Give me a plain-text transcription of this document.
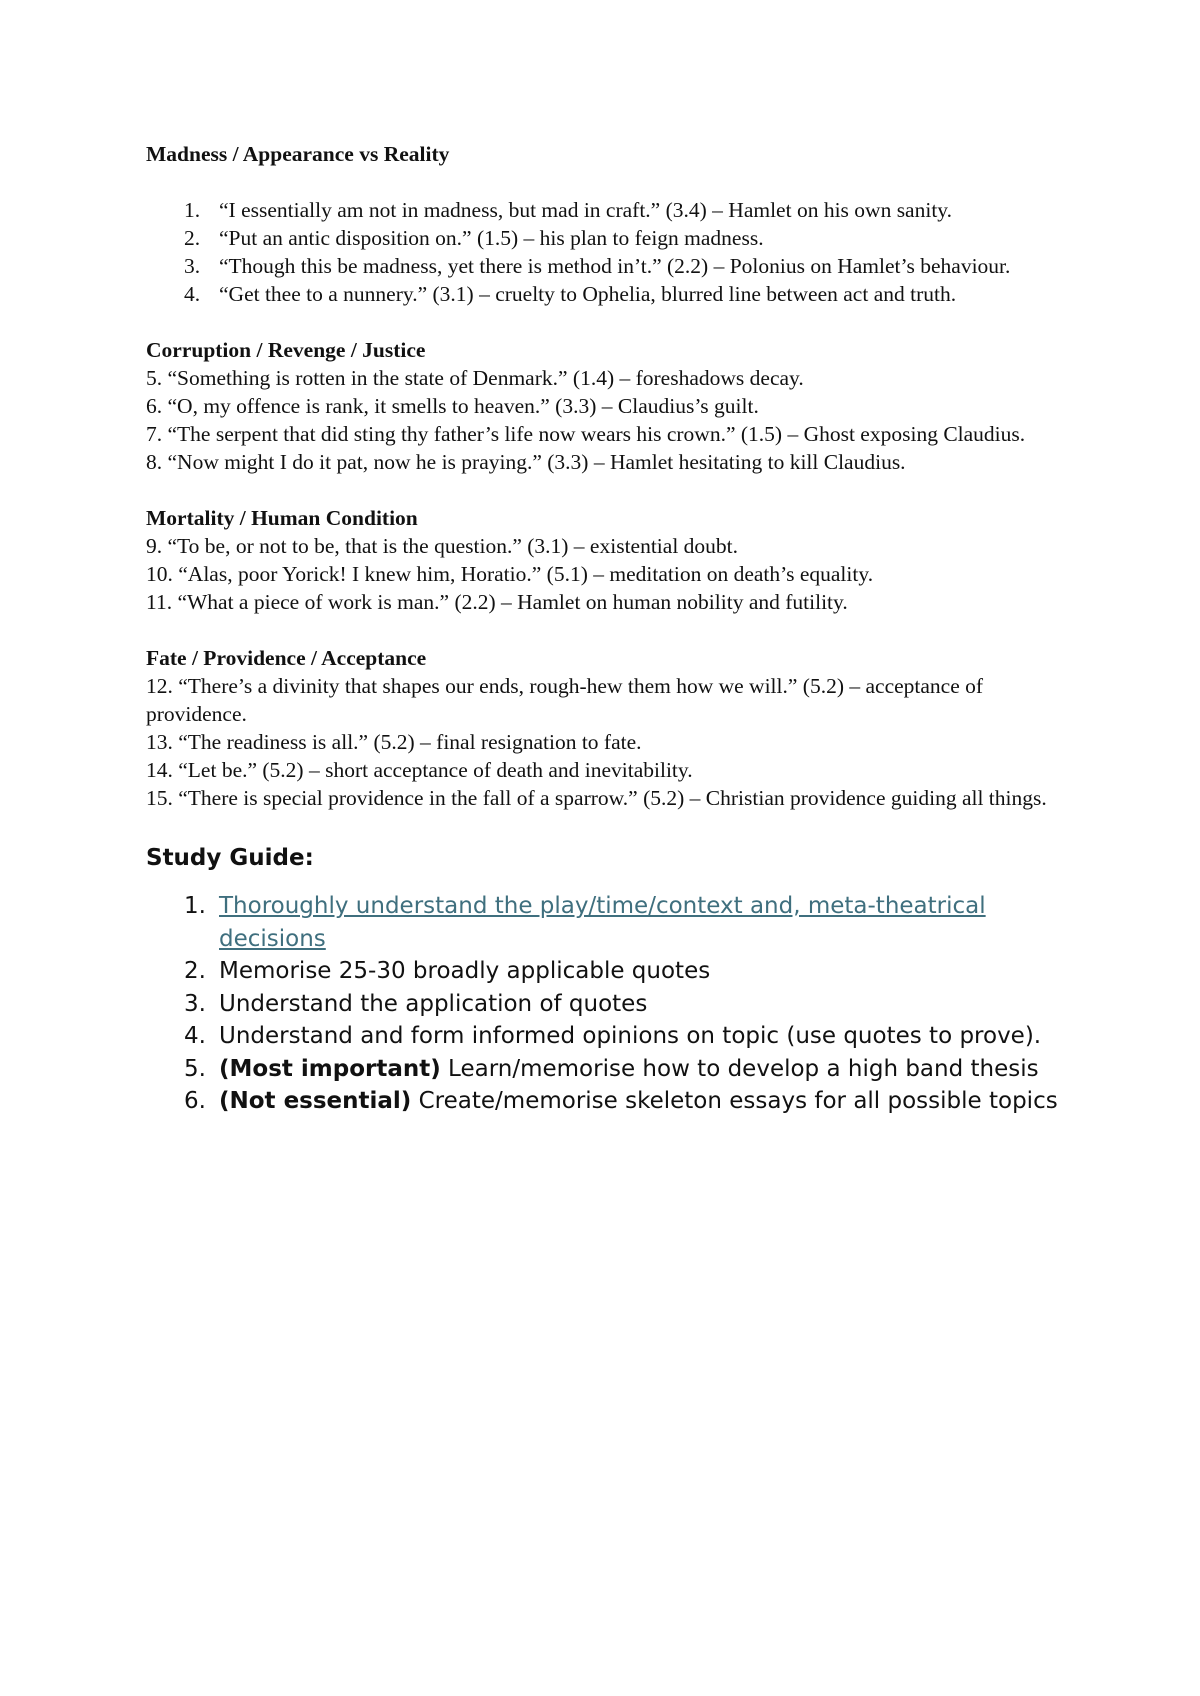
Madness / Appearance vs Reality

1. “I essentially am not in madness, but mad in craft.” (3.4) – Hamlet on his own sanity.
2. “Put an antic disposition on.” (1.5) – his plan to feign madness.
3. “Though this be madness, yet there is method in’t.” (2.2) – Polonius on Hamlet’s behaviour.
4. “Get thee to a nunnery.” (3.1) – cruelty to Ophelia, blurred line between act and truth.

Corruption / Revenge / Justice

5. “Something is rotten in the state of Denmark.” (1.4) – foreshadows decay.

6. “O, my offence is rank, it smells to heaven.” (3.3) – Claudius’s guilt.

7. “The serpent that did sting thy father’s life now wears his crown.” (1.5) – Ghost exposing Claudius.

8. “Now might I do it pat, now he is praying.” (3.3) – Hamlet hesitating to kill Claudius.

Mortality / Human Condition

9. “To be, or not to be, that is the question.” (3.1) – existential doubt.

10. “Alas, poor Yorick! I knew him, Horatio.” (5.1) – meditation on death’s equality.

11. “What a piece of work is man.” (2.2) – Hamlet on human nobility and futility.

Fate / Providence / Acceptance

12. “There’s a divinity that shapes our ends, rough-hew them how we will.” (5.2) – acceptance of providence.

13. “The readiness is all.” (5.2) – final resignation to fate.

14. “Let be.” (5.2) – short acceptance of death and inevitability.

15. “There is special providence in the fall of a sparrow.” (5.2) – Christian providence guiding all things.

Study Guide:

1. Thoroughly understand the play/time/context and, meta-theatrical decisions
2. Memorise 25-30 broadly applicable quotes
3. Understand the application of quotes
4. Understand and form informed opinions on topic (use quotes to prove).
5. (Most important) Learn/memorise how to develop a high band thesis
6. (Not essential) Create/memorise skeleton essays for all possible topics
